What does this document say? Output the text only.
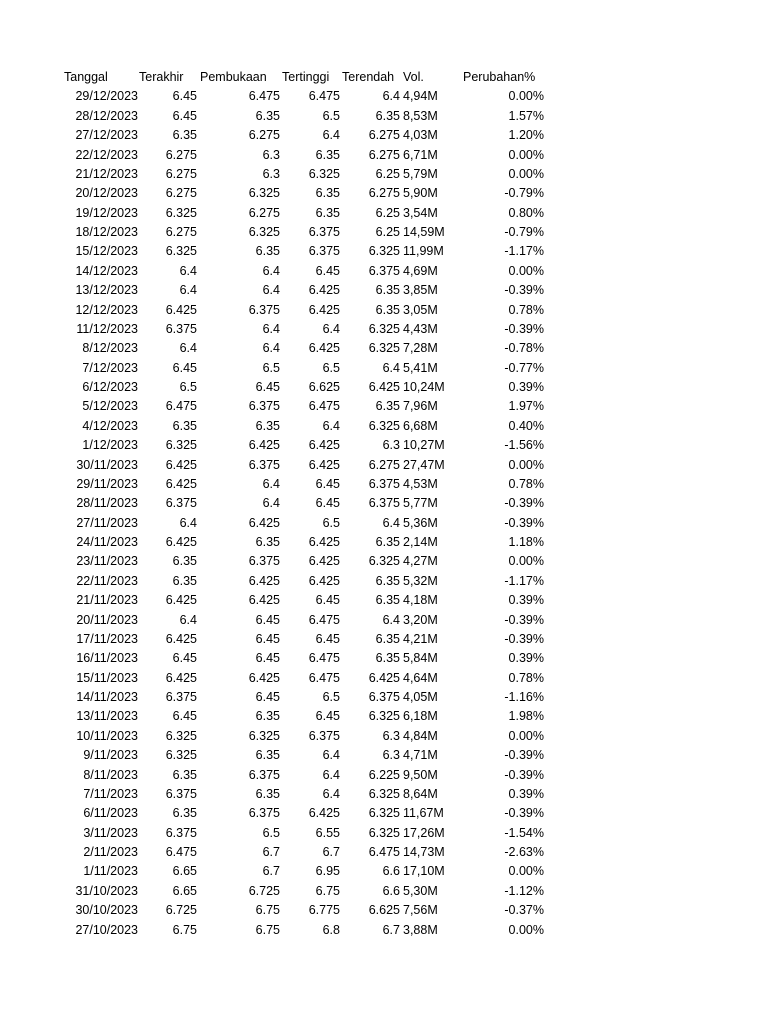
Tanggal Terakhir Pembukaan Tertinggi Terendah Vol.	Perubahan%
29/12/2023	6.45	6.475	6.475	6.4 4,94M	0.00%
28/12/2023	6.45	6.35	6.5	6.35 8,53M	1.57%
27/12/2023	6.35	6.275	6.4	6.275 4,03M	1.20%
22/12/2023	6.275	6.3	6.35	6.275 6,71M	0.00%
21/12/2023	6.275	6.3	6.325	6.25 5,79M	0.00%
20/12/2023	6.275	6.325	6.35	6.275 5,90M	-0.79%
19/12/2023	6.325	6.275	6.35	6.25 3,54M	0.80%
18/12/2023	6.275	6.325	6.375	6.25 14,59M	-0.79%
15/12/2023	6.325	6.35	6.375	6.325 11,99M	-1.17%
14/12/2023	6.4	6.4	6.45	6.375 4,69M	0.00%
13/12/2023	6.4	6.4	6.425	6.35 3,85M	-0.39%
12/12/2023	6.425	6.375	6.425	6.35 3,05M	0.78%
11/12/2023	6.375	6.4	6.4	6.325 4,43M	-0.39%
8/12/2023	6.4	6.4	6.425	6.325 7,28M	-0.78%
7/12/2023	6.45	6.5	6.5	6.4 5,41M	-0.77%
6/12/2023	6.5	6.45	6.625	6.425 10,24M	0.39%
5/12/2023	6.475	6.375	6.475	6.35 7,96M	1.97%
4/12/2023	6.35	6.35	6.4	6.325 6,68M	0.40%
1/12/2023	6.325	6.425	6.425	6.3 10,27M	-1.56%
30/11/2023	6.425	6.375	6.425	6.275 27,47M	0.00%
29/11/2023	6.425	6.4	6.45	6.375 4,53M	0.78%
28/11/2023	6.375	6.4	6.45	6.375 5,77M	-0.39%
27/11/2023	6.4	6.425	6.5	6.4 5,36M	-0.39%
24/11/2023	6.425	6.35	6.425	6.35 2,14M	1.18%
23/11/2023	6.35	6.375	6.425	6.325 4,27M	0.00%
22/11/2023	6.35	6.425	6.425	6.35 5,32M	-1.17%
21/11/2023	6.425	6.425	6.45	6.35 4,18M	0.39%
20/11/2023	6.4	6.45	6.475	6.4 3,20M	-0.39%
17/11/2023	6.425	6.45	6.45	6.35 4,21M	-0.39%
16/11/2023	6.45	6.45	6.475	6.35 5,84M	0.39%
15/11/2023	6.425	6.425	6.475	6.425 4,64M	0.78%
14/11/2023	6.375	6.45	6.5	6.375 4,05M	-1.16%
13/11/2023	6.45	6.35	6.45	6.325 6,18M	1.98%
10/11/2023	6.325	6.325	6.375	6.3 4,84M	0.00%
9/11/2023	6.325	6.35	6.4	6.3 4,71M	-0.39%
8/11/2023	6.35	6.375	6.4	6.225 9,50M	-0.39%
7/11/2023	6.375	6.35	6.4	6.325 8,64M	0.39%
6/11/2023	6.35	6.375	6.425	6.325 11,67M	-0.39%
3/11/2023	6.375	6.5	6.55	6.325 17,26M	-1.54%
2/11/2023	6.475	6.7	6.7	6.475 14,73M	-2.63%
1/11/2023	6.65	6.7	6.95	6.6 17,10M	0.00%
31/10/2023	6.65	6.725	6.75	6.6 5,30M	-1.12%
30/10/2023	6.725	6.75	6.775	6.625 7,56M	-0.37%
27/10/2023	6.75	6.75	6.8	6.7 3,88M	0.00%
